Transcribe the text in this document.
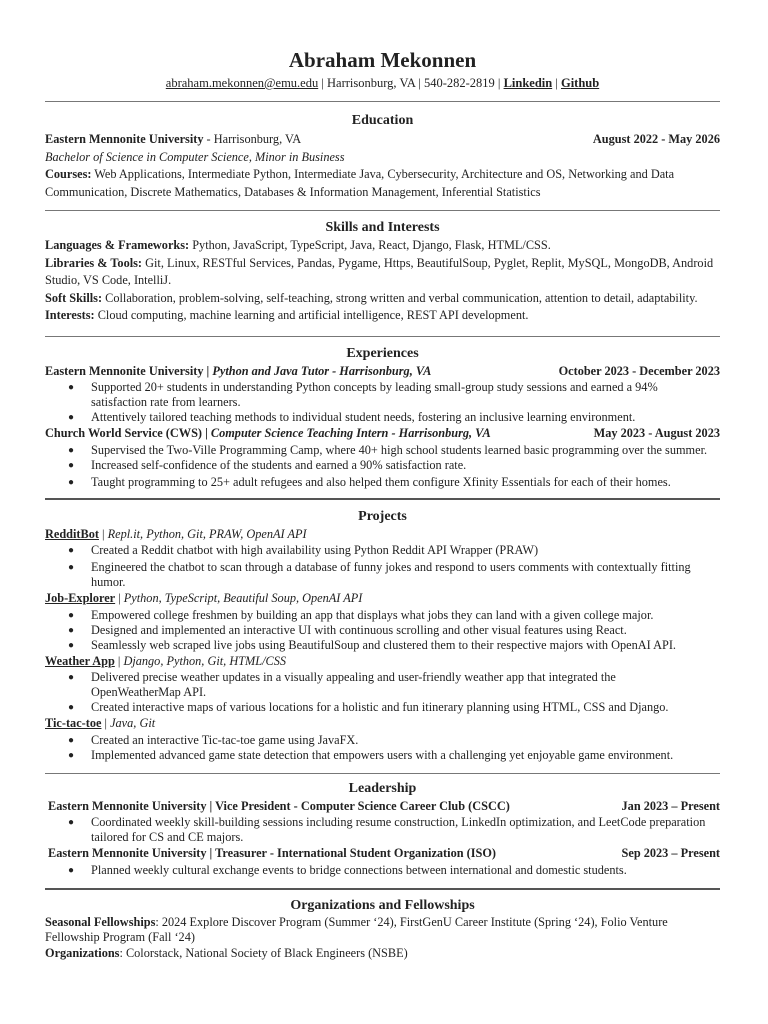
Abraham Mekonnen
abraham.mekonnen@emu.edu | Harrisonburg, VA | 540-282-2819 | Linkedin | Github
Education
Eastern Mennonite University - Harrisonburg, VA	August 2022 - May 2026
Bachelor of Science in Computer Science, Minor in Business
Courses: Web Applications, Intermediate Python, Intermediate Java, Cybersecurity, Architecture and OS, Networking and Data Communication, Discrete Mathematics, Databases & Information Management, Inferential Statistics
Skills and Interests
Languages & Frameworks: Python, JavaScript, TypeScript, Java, React, Django, Flask, HTML/CSS.
Libraries & Tools: Git, Linux, RESTful Services, Pandas, Pygame, Https, BeautifulSoup, Pyglet, Replit, MySQL, MongoDB, Android Studio, VS Code, IntelliJ.
Soft Skills: Collaboration, problem-solving, self-teaching, strong written and verbal communication, attention to detail, adaptability.
Interests: Cloud computing, machine learning and artificial intelligence, REST API development.
Experiences
Eastern Mennonite University | Python and Java Tutor - Harrisonburg, VA	October 2023 - December 2023
● Supported 20+ students in understanding Python concepts by leading small-group study sessions and earned a 94% satisfaction rate from learners.
● Attentively tailored teaching methods to individual student needs, fostering an inclusive learning environment.
Church World Service (CWS) | Computer Science Teaching Intern - Harrisonburg, VA	May 2023 - August 2023
● Supervised the Two-Ville Programming Camp, where 40+ high school students learned basic programming over the summer.
● Increased self-confidence of the students and earned a 90% satisfaction rate.
● Taught programming to 25+ adult refugees and also helped them configure Xfinity Essentials for each of their homes.
Projects
RedditBot | Repl.it, Python, Git, PRAW, OpenAI API
● Created a Reddit chatbot with high availability using Python Reddit API Wrapper (PRAW)
● Engineered the chatbot to scan through a database of funny jokes and respond to users comments with contextually fitting humor.
Job-Explorer | Python, TypeScript, Beautiful Soup, OpenAI API
● Empowered college freshmen by building an app that displays what jobs they can land with a given college major.
● Designed and implemented an interactive UI with continuous scrolling and other visual features using React.
● Seamlessly web scraped live jobs using BeautifulSoup and clustered them to their respective majors with OpenAI API.
Weather App | Django, Python, Git, HTML/CSS
● Delivered precise weather updates in a visually appealing and user-friendly weather app that integrated the OpenWeatherMap API.
● Created interactive maps of various locations for a holistic and fun itinerary planning using HTML, CSS and Django.
Tic-tac-toe | Java, Git
● Created an interactive Tic-tac-toe game using JavaFX.
● Implemented advanced game state detection that empowers users with a challenging yet enjoyable game environment.
Leadership
Eastern Mennonite University | Vice President - Computer Science Career Club (CSCC)	Jan 2023 – Present
● Coordinated weekly skill-building sessions including resume construction, LinkedIn optimization, and LeetCode preparation tailored for CS and CE majors.
Eastern Mennonite University | Treasurer - International Student Organization (ISO)	Sep 2023 – Present
● Planned weekly cultural exchange events to bridge connections between international and domestic students.
Organizations and Fellowships
Seasonal Fellowships: 2024 Explore Discover Program (Summer ‘24), FirstGenU Career Institute (Spring ‘24), Folio Venture Fellowship Program (Fall ‘24)
Organizations: Colorstack, National Society of Black Engineers (NSBE)
